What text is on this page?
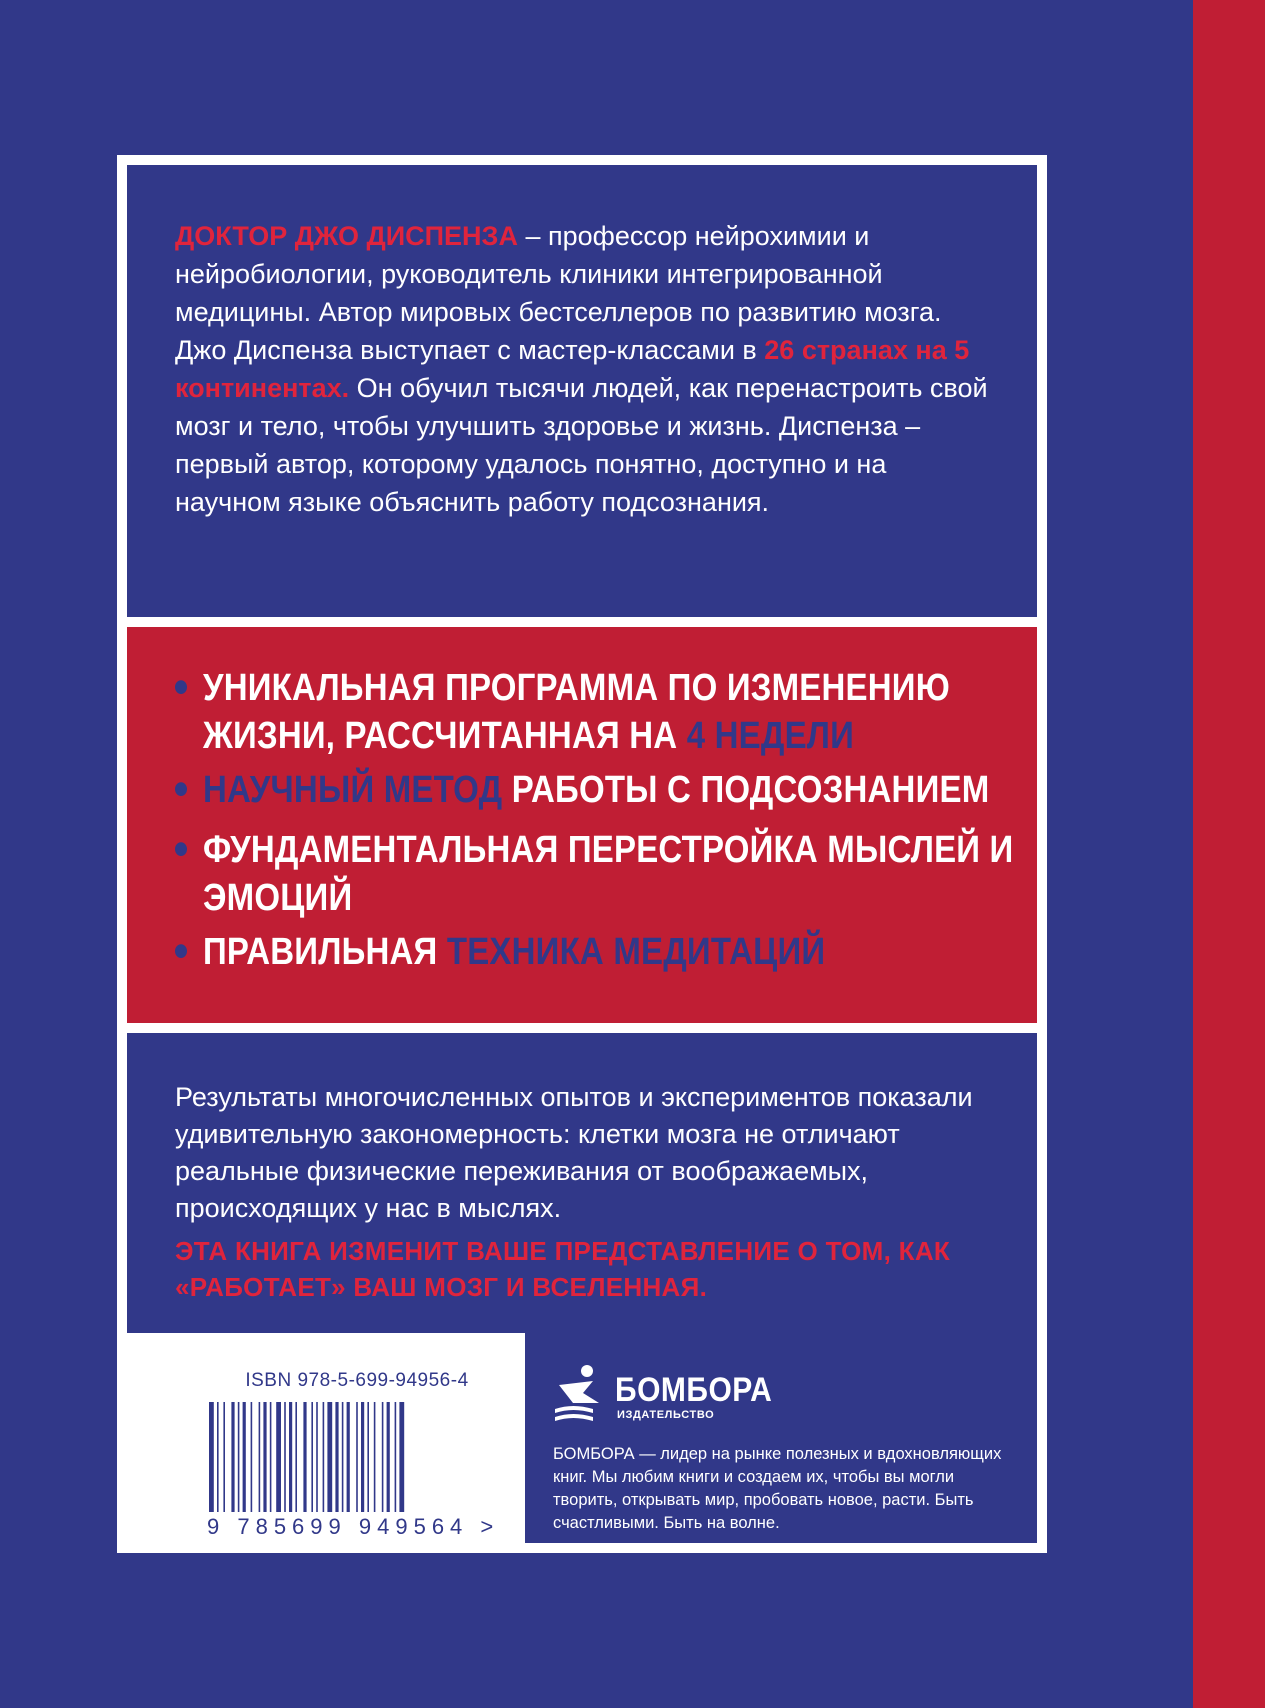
ДОКТОР ДЖО ДИСПЕНЗА – профессор нейрохимии и нейробиологии, руководитель клиники интегрированной медицины. Автор мировых бестселлеров по развитию мозга. Джо Диспенза выступает с мастер-классами в 26 странах на 5 континентах. Он обучил тысячи людей, как перенастроить свой мозг и тело, чтобы улучшить здоровье и жизнь. Диспенза – первый автор, которому удалось понятно, доступно и на научном языке объяснить работу подсознания.

УНИКАЛЬНАЯ ПРОГРАММА ПО ИЗМЕНЕНИЮ ЖИЗНИ, РАССЧИТАННАЯ НА 4 НЕДЕЛИ
НАУЧНЫЙ МЕТОД РАБОТЫ С ПОДСОЗНАНИЕМ
ФУНДАМЕНТАЛЬНАЯ ПЕРЕСТРОЙКА МЫСЛЕЙ И ЭМОЦИЙ
ПРАВИЛЬНАЯ ТЕХНИКА МЕДИТАЦИЙ

Результаты многочисленных опытов и экспериментов показали удивительную закономерность: клетки мозга не отличают реальные физические переживания от воображаемых, происходящих у нас в мыслях.

ЭТА КНИГА ИЗМЕНИТ ВАШЕ ПРЕДСТАВЛЕНИЕ О ТОМ, КАК «РАБОТАЕТ» ВАШ МОЗГ И ВСЕЛЕННАЯ.
ISBN 978-5-699-94956-4
9 785699 949564 >
БОМБОРА
ИЗДАТЕЛЬСТВО

БОМБОРА — лидер на рынке полезных и вдохновляющих книг. Мы любим книги и создаем их, чтобы вы могли творить, открывать мир, пробовать новое, расти. Быть счастливыми. Быть на волне.
